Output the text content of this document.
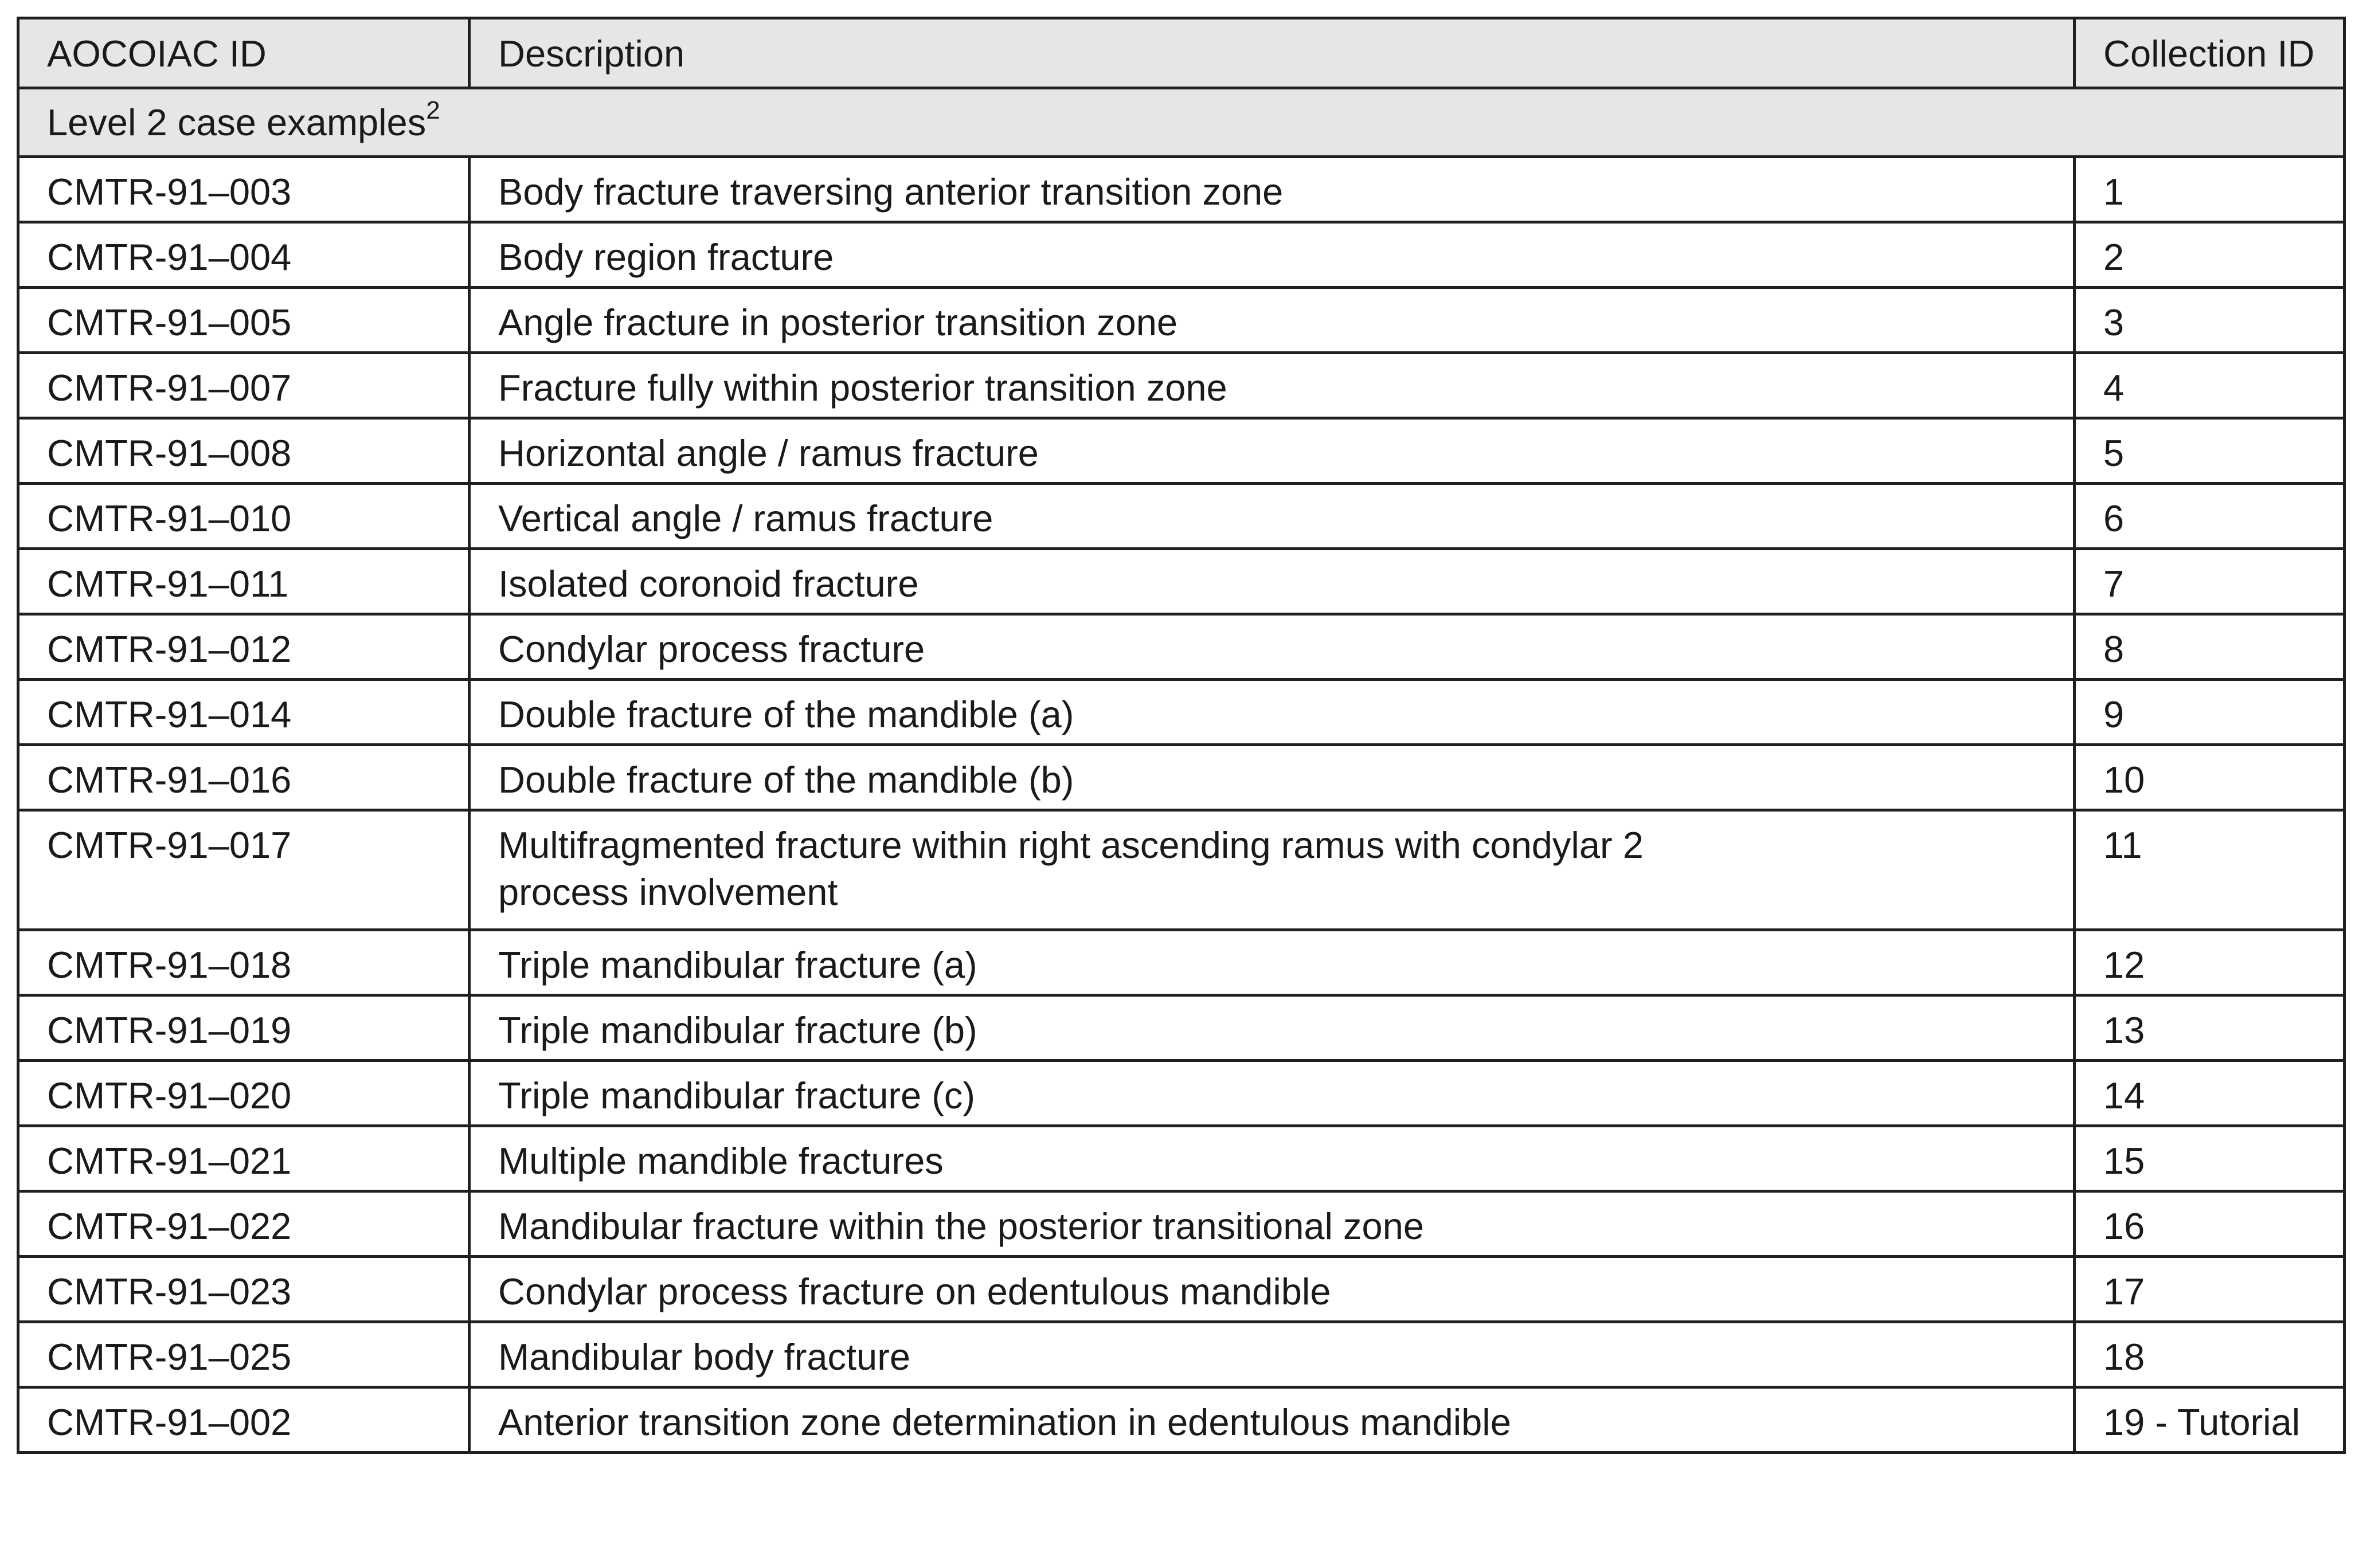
AOCOIAC ID	Description	Collection ID
Level 2 case examples$^2$
CMTR-91–003	Body fracture traversing anterior transition zone	1
CMTR-91–004	Body region fracture	2
CMTR-91–005	Angle fracture in posterior transition zone	3
CMTR-91–007	Fracture fully within posterior transition zone	4
CMTR-91–008	Horizontal angle / ramus fracture	5
CMTR-91–010	Vertical angle / ramus fracture	6
CMTR-91–011	Isolated coronoid fracture	7
CMTR-91–012	Condylar process fracture	8
CMTR-91–014	Double fracture of the mandible (a)	9
CMTR-91–016	Double fracture of the mandible (b)	10
CMTR-91–017	Multifragmented fracture within right ascending ramus with condylar 2
process involvement	11
CMTR-91–018	Triple mandibular fracture (a)	12
CMTR-91–019	Triple mandibular fracture (b)	13
CMTR-91–020	Triple mandibular fracture (c)	14
CMTR-91–021	Multiple mandible fractures	15
CMTR-91–022	Mandibular fracture within the posterior transitional zone	16
CMTR-91–023	Condylar process fracture on edentulous mandible	17
CMTR-91–025	Mandibular body fracture	18
CMTR-91–002	Anterior transition zone determination in edentulous mandible	19 - Tutorial
